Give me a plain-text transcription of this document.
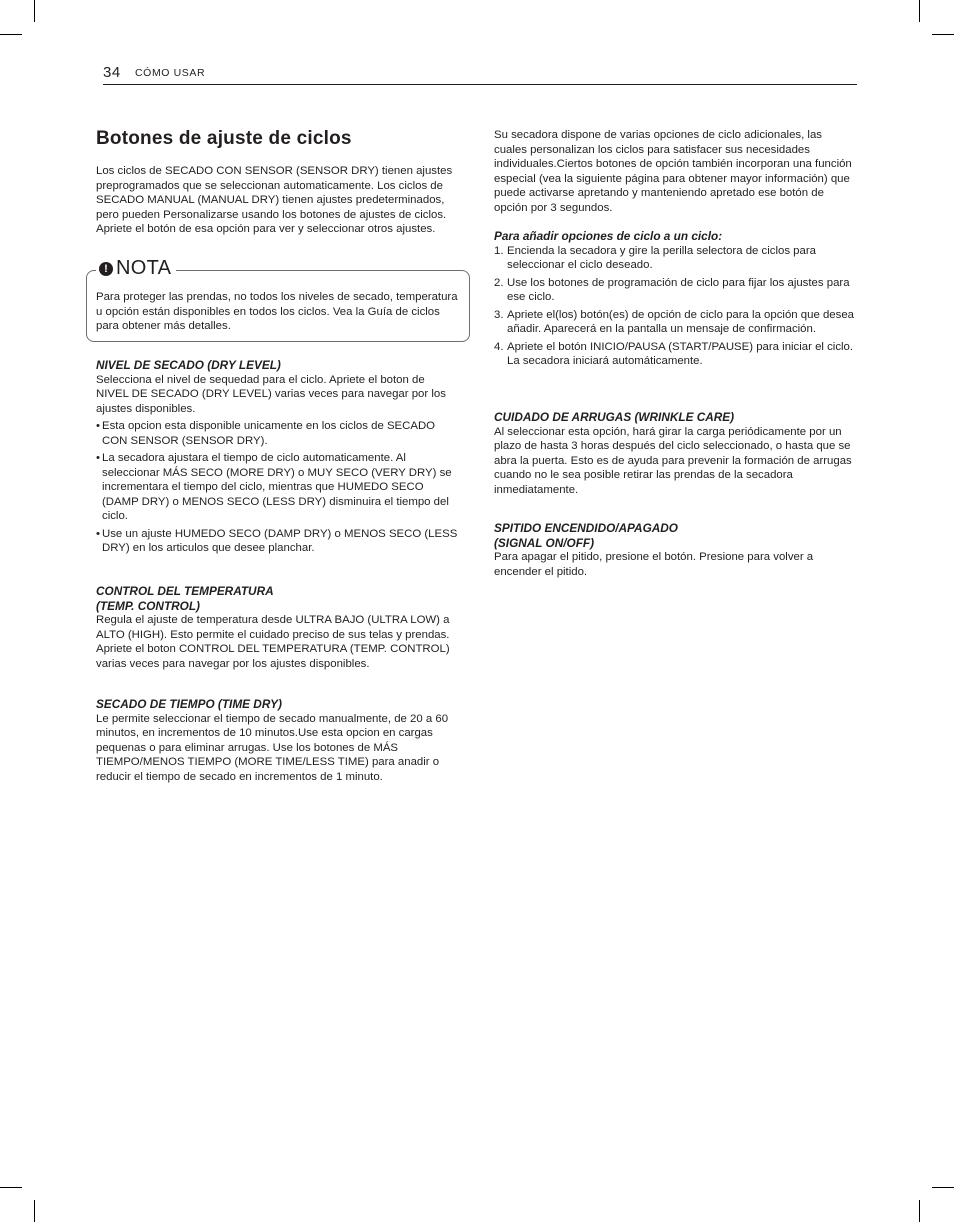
34 CÓMO USAR
Botones de ajuste de ciclos

Los ciclos de SECADO CON SENSOR (SENSOR DRY) tienen ajustes preprogramados que se seleccionan automaticamente. Los ciclos de SECADO MANUAL (MANUAL DRY) tienen ajustes predeterminados, pero pueden Personalizarse usando los botones de ajustes de ciclos. Apriete el botón de esa opción para ver y seleccionar otros ajustes.

! NOTA

Para proteger las prendas, no todos los niveles de secado, temperatura u opción están disponibles en todos los ciclos. Vea la Guía de ciclos para obtener más detalles.

NIVEL DE SECADO (DRY LEVEL)

Selecciona el nivel de sequedad para el ciclo. Apriete el boton de NIVEL DE SECADO (DRY LEVEL) varias veces para navegar por los ajustes disponibles.

• Esta opcion esta disponible unicamente en los ciclos de SECADO CON SENSOR (SENSOR DRY).
• La secadora ajustara el tiempo de ciclo automaticamente. Al seleccionar MÁS SECO (MORE DRY) o MUY SECO (VERY DRY) se incrementara el tiempo del ciclo, mientras que HUMEDO SECO (DAMP DRY) o MENOS SECO (LESS DRY) disminuira el tiempo del ciclo.
• Use un ajuste HUMEDO SECO (DAMP DRY) o MENOS SECO (LESS DRY) en los articulos que desee planchar.
CONTROL DEL TEMPERATURA
(TEMP. CONTROL)

Regula el ajuste de temperatura desde ULTRA BAJO (ULTRA LOW) a ALTO (HIGH). Esto permite el cuidado preciso de sus telas y prendas. Apriete el boton CONTROL DEL TEMPERATURA (TEMP. CONTROL) varias veces para navegar por los ajustes disponibles.

SECADO DE TIEMPO (TIME DRY)

Le permite seleccionar el tiempo de secado manualmente, de 20 a 60 minutos, en incrementos de 10 minutos.Use esta opcion en cargas pequenas o para eliminar arrugas. Use los botones de MÁS TIEMPO/MENOS TIEMPO (MORE TIME/LESS TIME) para anadir o reducir el tiempo de secado en incrementos de 1 minuto.

Su secadora dispone de varias opciones de ciclo adicionales, las cuales personalizan los ciclos para satisfacer sus necesidades individuales.Ciertos botones de opción también incorporan una función especial (vea la siguiente página para obtener mayor información) que puede activarse apretando y manteniendo apretado ese botón de opción por 3 segundos.

Para añadir opciones de ciclo a un ciclo:
1. Encienda la secadora y gire la perilla selectora de ciclos para seleccionar el ciclo deseado.
2. Use los botones de programación de ciclo para fijar los ajustes para ese ciclo.
3. Apriete el(los) botón(es) de opción de ciclo para la opción que desea añadir. Aparecerá en la pantalla un mensaje de confirmación.
4. Apriete el botón INICIO/PAUSA (START/PAUSE) para iniciar el ciclo. La secadora iniciará automáticamente.
CUIDADO DE ARRUGAS (WRINKLE CARE)

Al seleccionar esta opción, hará girar la carga periódicamente por un plazo de hasta 3 horas después del ciclo seleccionado, o hasta que se abra la puerta. Esto es de ayuda para prevenir la formación de arrugas cuando no le sea posible retirar las prendas de la secadora inmediatamente.

SPITIDO ENCENDIDO/APAGADO
(SIGNAL ON/OFF)

Para apagar el pitido, presione el botón. Presione para volver a encender el pitido.
